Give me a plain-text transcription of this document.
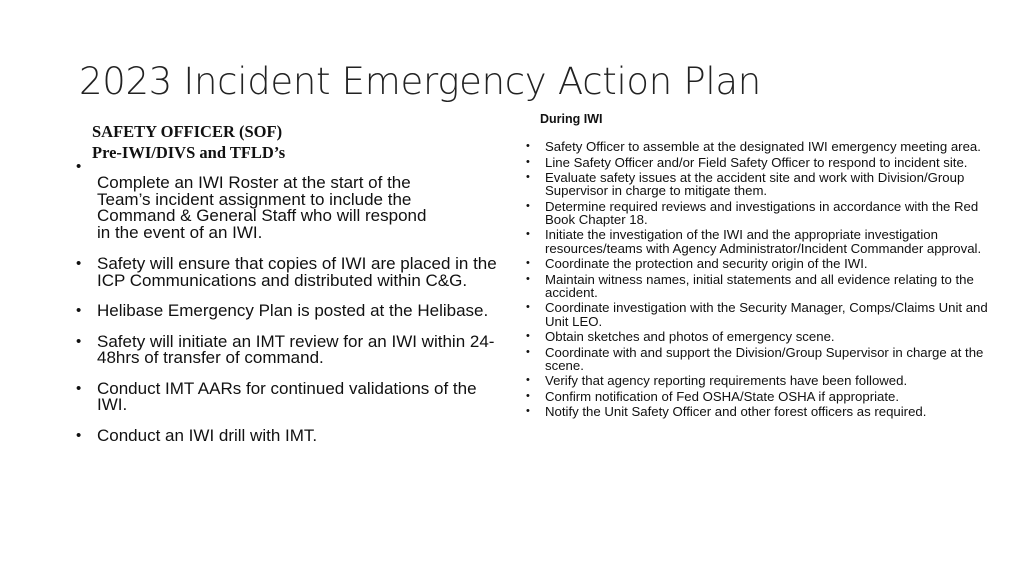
2023 Incident Emergency Action Plan
SAFETY OFFICER (SOF)
Pre-IWI/DIVS and TFLD’s
•
Complete an IWI Roster at the start of the Team’s incident assignment to include the Command & General Staff who will respond in the event of an IWI.
• Safety will ensure that copies of IWI are placed in the ICP Communications and distributed within C&G.
• Helibase Emergency Plan is posted at the Helibase.
• Safety will initiate an IMT review for an IWI within 24-48hrs of transfer of command.
• Conduct IMT AARs for continued validations of the IWI.
• Conduct an IWI drill with IMT.
During IWI
• Safety Officer to assemble at the designated IWI emergency meeting area.
• Line Safety Officer and/or Field Safety Officer to respond to incident site.
• Evaluate safety issues at the accident site and work with Division/Group Supervisor in charge to mitigate them.
• Determine required reviews and investigations in accordance with the Red Book Chapter 18.
• Initiate the investigation of the IWI and the appropriate investigation resources/teams with Agency Administrator/Incident Commander approval.
• Coordinate the protection and security origin of the IWI.
• Maintain witness names, initial statements and all evidence relating to the accident.
• Coordinate investigation with the Security Manager, Comps/Claims Unit and Unit LEO.
• Obtain sketches and photos of emergency scene.
• Coordinate with and support the Division/Group Supervisor in charge at the scene.
• Verify that agency reporting requirements have been followed.
• Confirm notification of Fed OSHA/State OSHA if appropriate.
• Notify the Unit Safety Officer and other forest officers as required.
